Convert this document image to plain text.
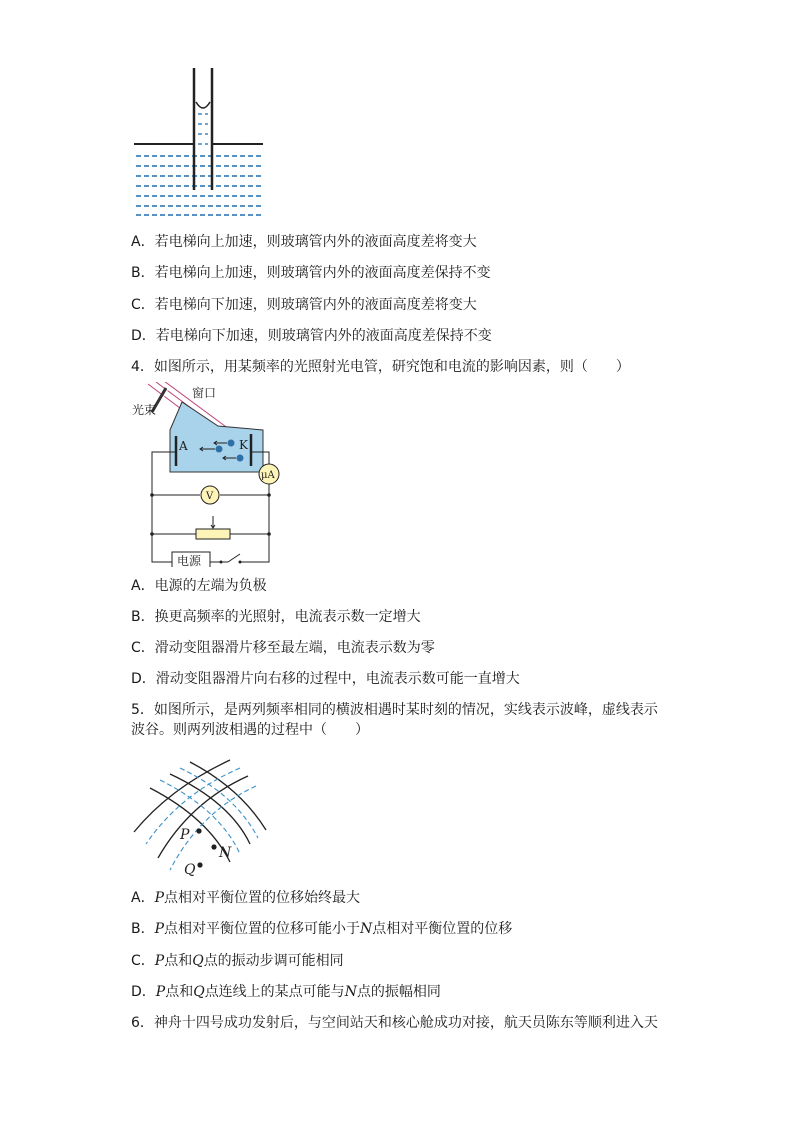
A．若电梯向上加速，则玻璃管内外的液面高度差将变大
B．若电梯向上加速，则玻璃管内外的液面高度差保持不变
C．若电梯向下加速，则玻璃管内外的液面高度差将变大
D．若电梯向下加速，则玻璃管内外的液面高度差保持不变
4．如图所示，用某频率的光照射光电管，研究饱和电流的影响因素，则（　　）
A	K
窗口
光束
μA
V
电源
A．电源的左端为负极
B．换更高频率的光照射，电流表示数一定增大
C．滑动变阻器滑片移至最左端，电流表示数为零
D．滑动变阻器滑片向右移的过程中，电流表示数可能一直增大
5．如图所示，是两列频率相同的横波相遇时某时刻的情况，实线表示波峰，虚线表示波谷。则两列波相遇的过程中（　　）
P
N
Q
A．P点相对平衡位置的位移始终最大
B．P点相对平衡位置的位移可能小于N点相对平衡位置的位移
C．P点和Q点的振动步调可能相同
D．P点和Q点连线上的某点可能与N点的振幅相同
6．神舟十四号成功发射后，与空间站天和核心舱成功对接，航天员陈东等顺利进入天
